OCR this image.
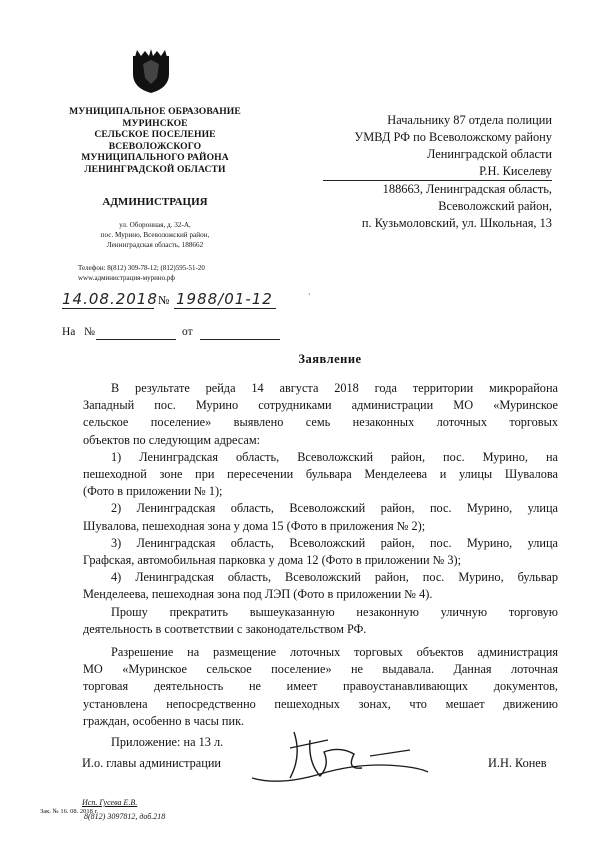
МУНИЦИПАЛЬНОЕ ОБРАЗОВАНИЕ
МУРИНСКОЕ
СЕЛЬСКОЕ ПОСЕЛЕНИЕ
ВСЕВОЛОЖСКОГО
МУНИЦИПАЛЬНОГО РАЙОНА
ЛЕНИНГРАДСКОЙ ОБЛАСТИ
АДМИНИСТРАЦИЯ
ул. Оборонная, д. 32-А,
пос. Мурино, Всеволожский район,
Ленинградская область, 188662
Телефон: 8(812) 309-78-12; (812)595-51-20
www.администрация-мурино.рф
14.08.2018 № 1988/01-12
На №	от
Начальнику 87 отдела полиции
УМВД РФ по Всеволожскому району
Ленинградской области
Р.Н. Киселеву
188663, Ленинградская область,
Всеволожский район,
п. Кузьмоловский, ул. Школьная, 13
·
Заявление
В результате рейда 14 августа 2018 года территории микрорайона
Западный пос. Мурино сотрудниками администрации МО «Муринское
сельское поселение» выявлено семь незаконных лоточных торговых
объектов по следующим адресам:
1) Ленинградская область, Всеволожский район, пос. Мурино, на
пешеходной зоне при пересечении бульвара Менделеева и улицы Шувалова
(Фото в приложении № 1);
2) Ленинградская область, Всеволожский район, пос. Мурино, улица
Шувалова, пешеходная зона у дома 15 (Фото в приложения № 2);
3) Ленинградская область, Всеволожский район, пос. Мурино, улица
Графская, автомобильная парковка у дома 12 (Фото в приложении № 3);
4) Ленинградская область, Всеволожский район, пос. Мурино, бульвар
Менделеева, пешеходная зона под ЛЭП (Фото в приложении № 4).
Прошу прекратить вышеуказанную незаконную уличную торговую
деятельность в соответствии с законодательством РФ.
Разрешение на размещение лоточных торговых объектов администрация
МО «Муринское сельское поселение» не выдавала. Данная лоточная
торговая деятельность не имеет правоустанавливающих документов,
установлена непосредственно пешеходных зонах, что мешает движению
граждан, особенно в часы пик.
Приложение: на 13 л.
И.о. главы администрации	И.Н. Конев
Исп. Гусева Е.В.
Зак. № 16. 08. 2018 г.
8(812) 3097812, доб.218
